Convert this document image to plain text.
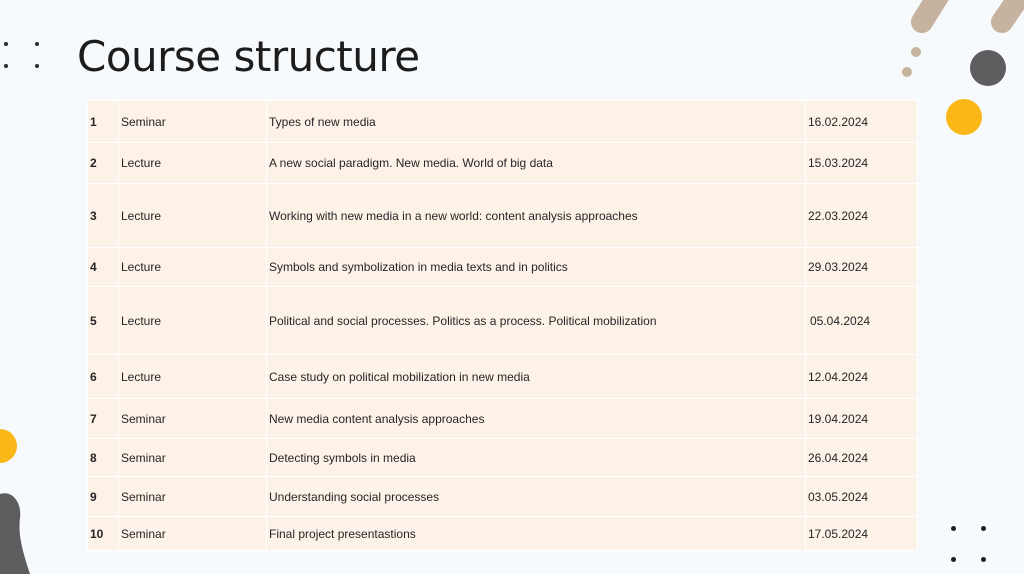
Course structure
1	Seminar	Types of new media	16.02.2024
2	Lecture	A new social paradigm. New media. World of big data	15.03.2024
3	Lecture	Working with new media in a new world: content analysis approaches	22.03.2024
4	Lecture	Symbols and symbolization in media texts and in politics	29.03.2024
5	Lecture	Political and social processes. Politics as a process. Political mobilization	05.04.2024
6	Lecture	Case study on political mobilization in new media	12.04.2024
7	Seminar	New media content analysis approaches	19.04.2024
8	Seminar	Detecting symbols in media	26.04.2024
9	Seminar	Understanding social processes	03.05.2024
10	Seminar	Final project presentastions	17.05.2024
